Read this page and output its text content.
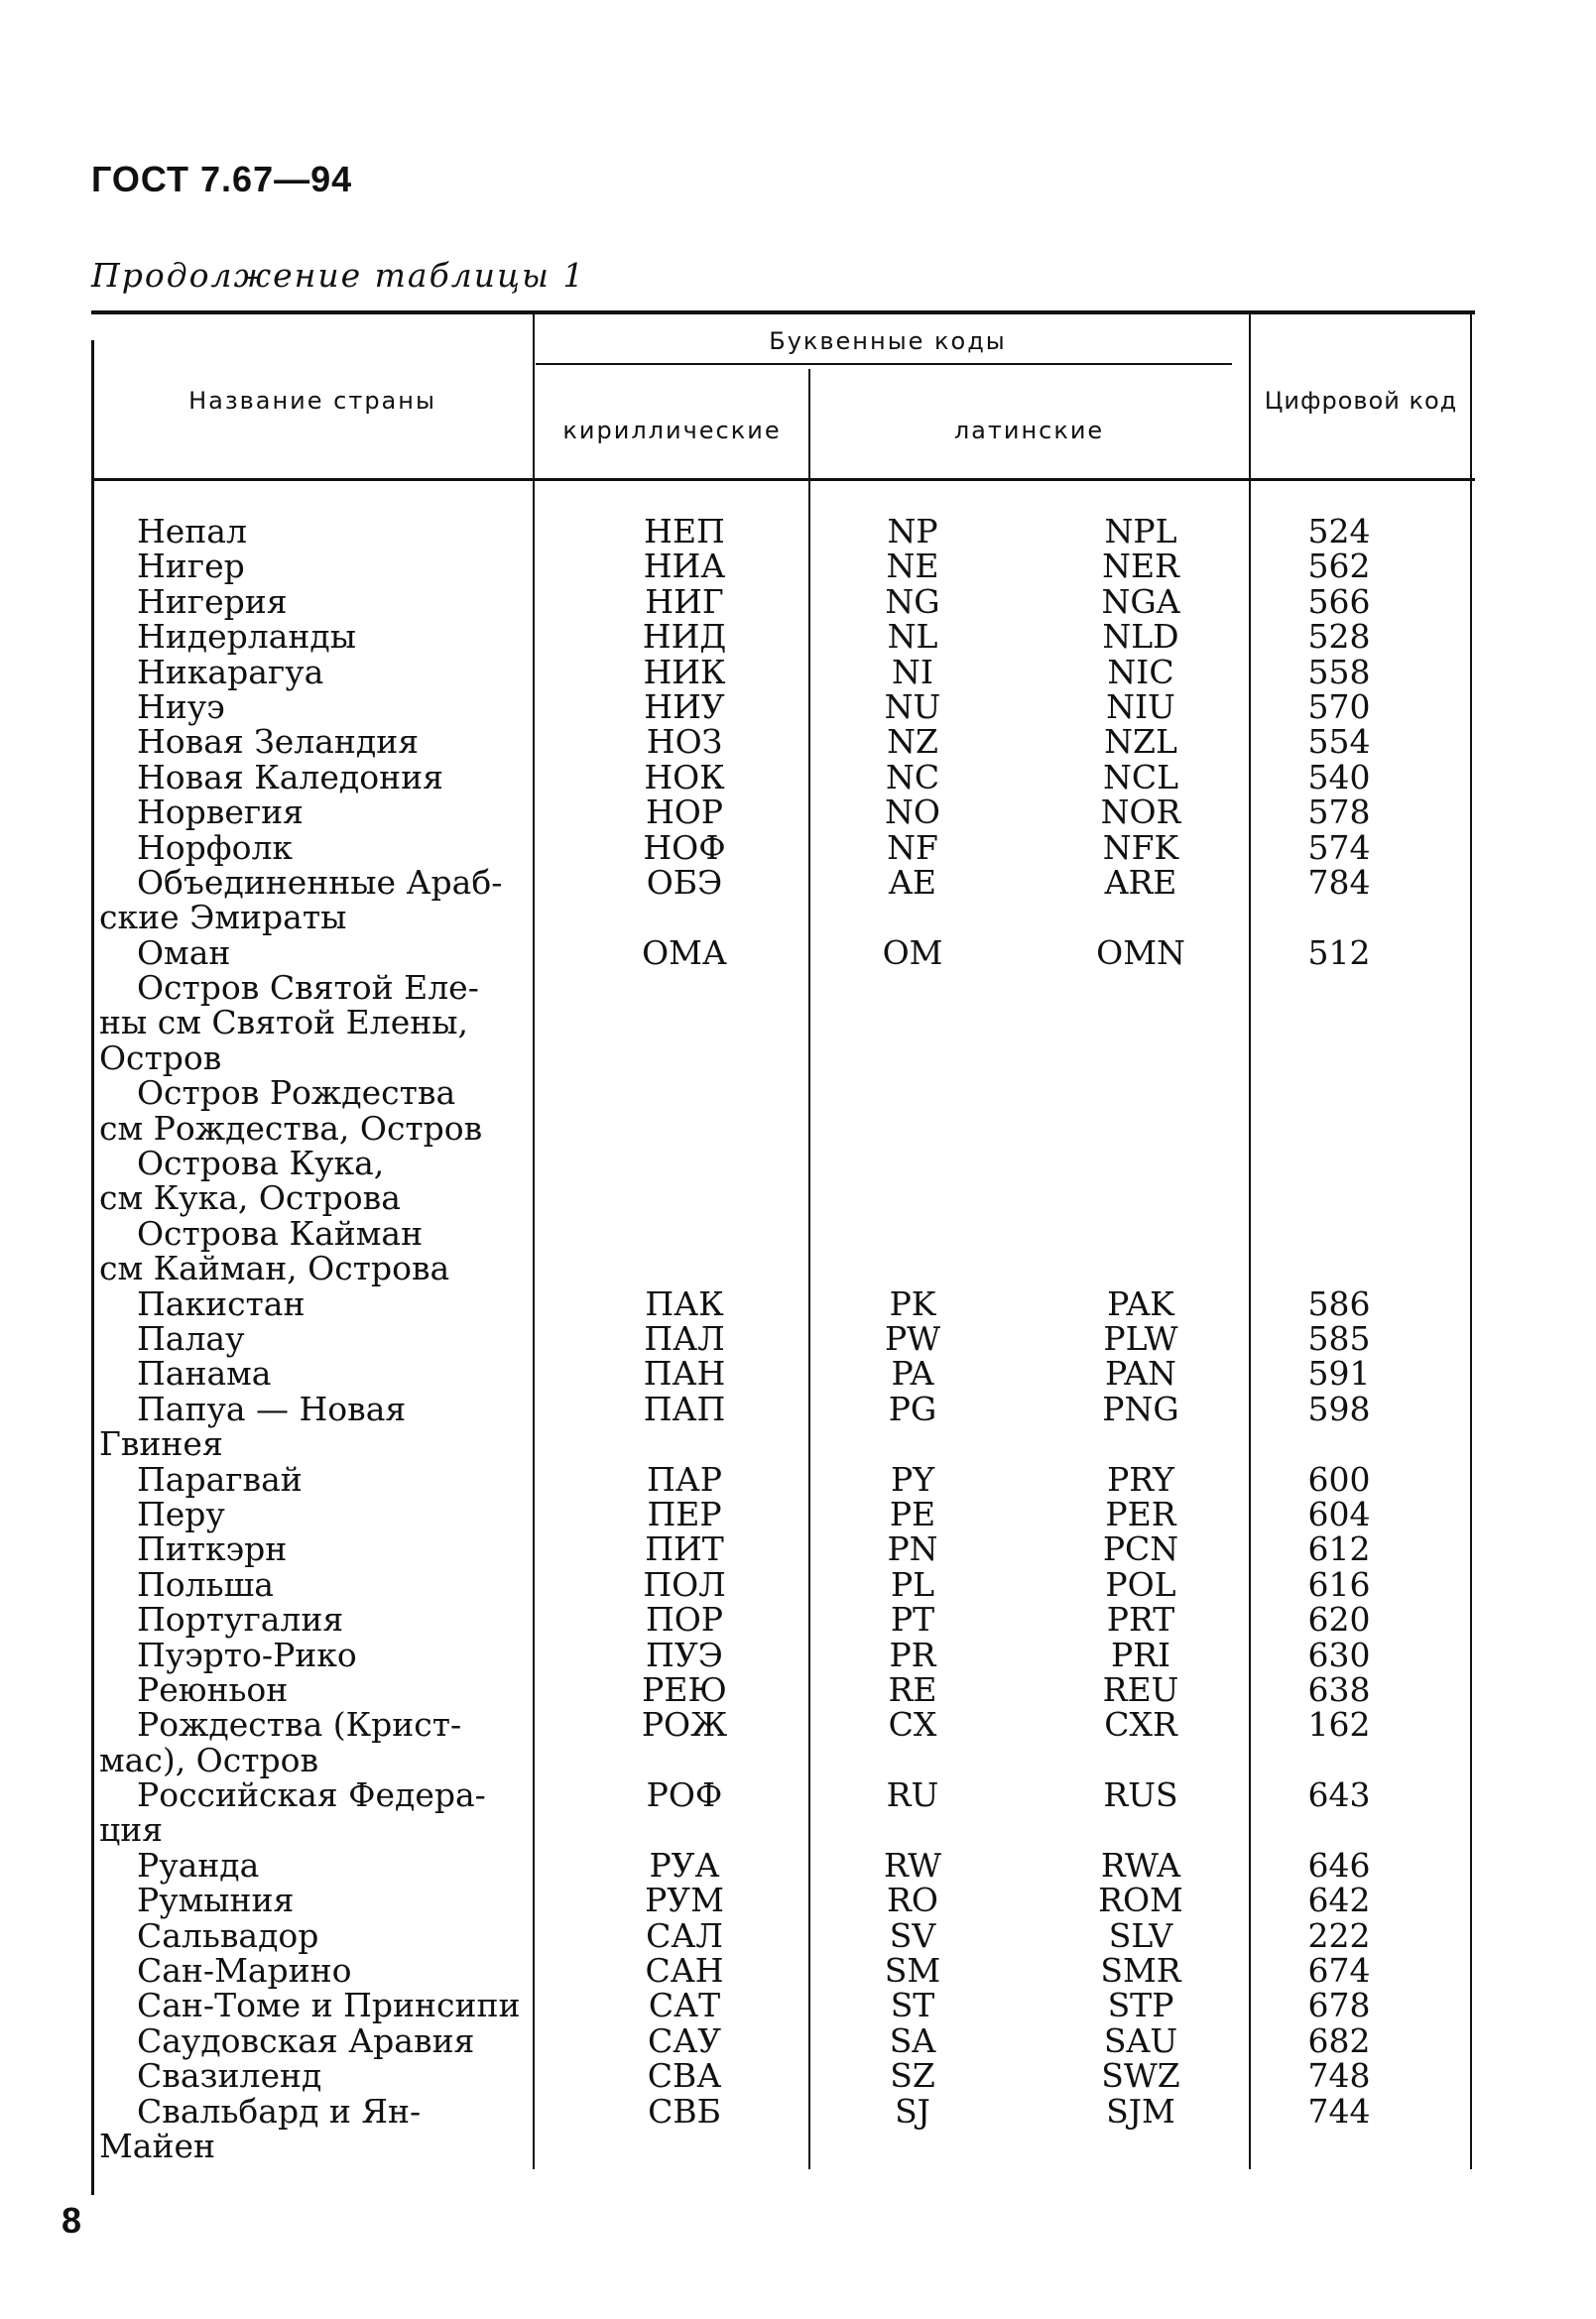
ГОСТ 7.67—94
Продолжение таблицы 1
Название страны
Буквенные коды
кириллические	латинские
Цифровой код
Непал	НЕП	NP	NPL	524
Нигер	НИА	NE	NER	562
Нигерия	НИГ	NG	NGA	566
Нидерланды	НИД	NL	NLD	528
Никарагуа	НИК	NI	NIC	558
Ниуэ	НИУ	NU	NIU	570
Новая Зеландия	НОЗ	NZ	NZL	554
Новая Каледония	НОК	NC	NCL	540
Норвегия	НОР	NO	NOR	578
Норфолк	НОФ	NF	NFK	574
Объединенные Араб-	ОБЭ	AE	ARE	784
ские Эмираты
Оман	ОМА	OM	OMN	512
Остров Святой Еле-
ны см Святой Елены,
Остров
Остров Рождества
см Рождества, Остров
Острова Кука,
см Кука, Острова
Острова Кайман
см Кайман, Острова
Пакистан	ПАК	PK	PAK	586
Палау	ПАЛ	PW	PLW	585
Панама	ПАН	PA	PAN	591
Папуа — Новая	ПАП	PG	PNG	598
Гвинея
Парагвай	ПАР	PY	PRY	600
Перу	ПЕР	PE	PER	604
Питкэрн	ПИТ	PN	PCN	612
Польша	ПОЛ	PL	POL	616
Португалия	ПОР	PT	PRT	620
Пуэрто-Рико	ПУЭ	PR	PRI	630
Реюньон	РЕЮ	RE	REU	638
Рождества (Крист-	РОЖ	CX	CXR	162
мас), Остров
Российская Федера-	РОФ	RU	RUS	643
ция
Руанда	РУА	RW	RWA	646
Румыния	РУМ	RO	ROM	642
Сальвадор	САЛ	SV	SLV	222
Сан-Марино	САН	SM	SMR	674
Сан-Томе и Принсипи	САТ	ST	STP	678
Саудовская Аравия	САУ	SA	SAU	682
Свазиленд	СВА	SZ	SWZ	748
Свальбард и Ян-	СВБ	SJ	SJM	744
Майен
8
